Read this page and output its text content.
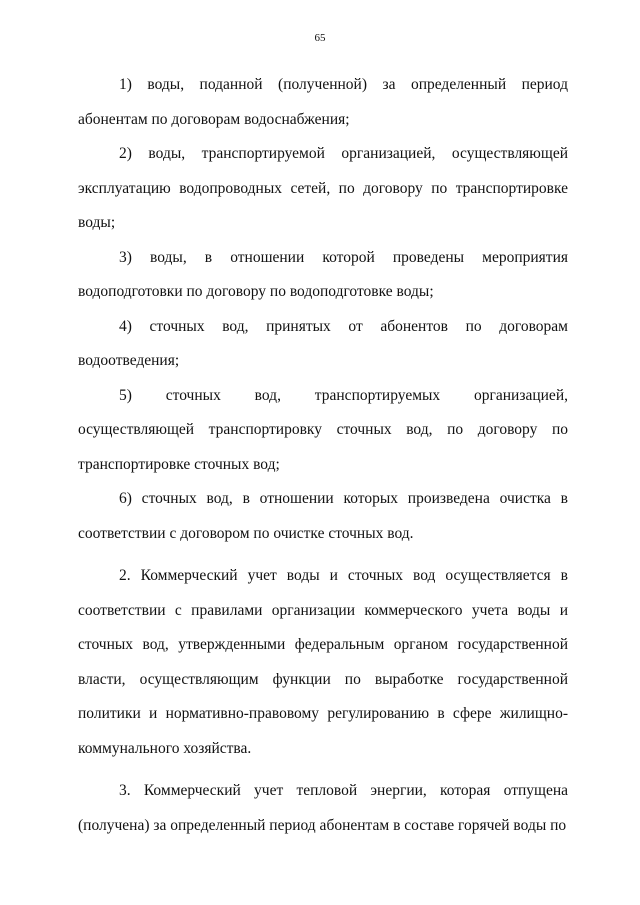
65

1) воды, поданной (полученной) за определенный период абонентам по договорам водоснабжения;

2) воды, транспортируемой организацией, осуществляющей эксплуатацию водопроводных сетей, по договору по транспортировке воды;

3) воды, в отношении которой проведены мероприятия водоподготовки по договору по водоподготовке воды;

4) сточных вод, принятых от абонентов по договорам водоотведения;

5) сточных вод, транспортируемых организацией, осуществляющей транспортировку сточных вод, по договору по транспортировке сточных вод;

6) сточных вод, в отношении которых произведена очистка в соответствии с договором по очистке сточных вод.

2. Коммерческий учет воды и сточных вод осуществляется в соответствии с правилами организации коммерческого учета воды и сточных вод, утвержденными федеральным органом государственной власти, осуществляющим функции по выработке государственной политики и нормативно-правовому регулированию в сфере жилищно-коммунального хозяйства.

3. Коммерческий учет тепловой энергии, которая отпущена (получена) за определенный период абонентам в составе горячей воды по
